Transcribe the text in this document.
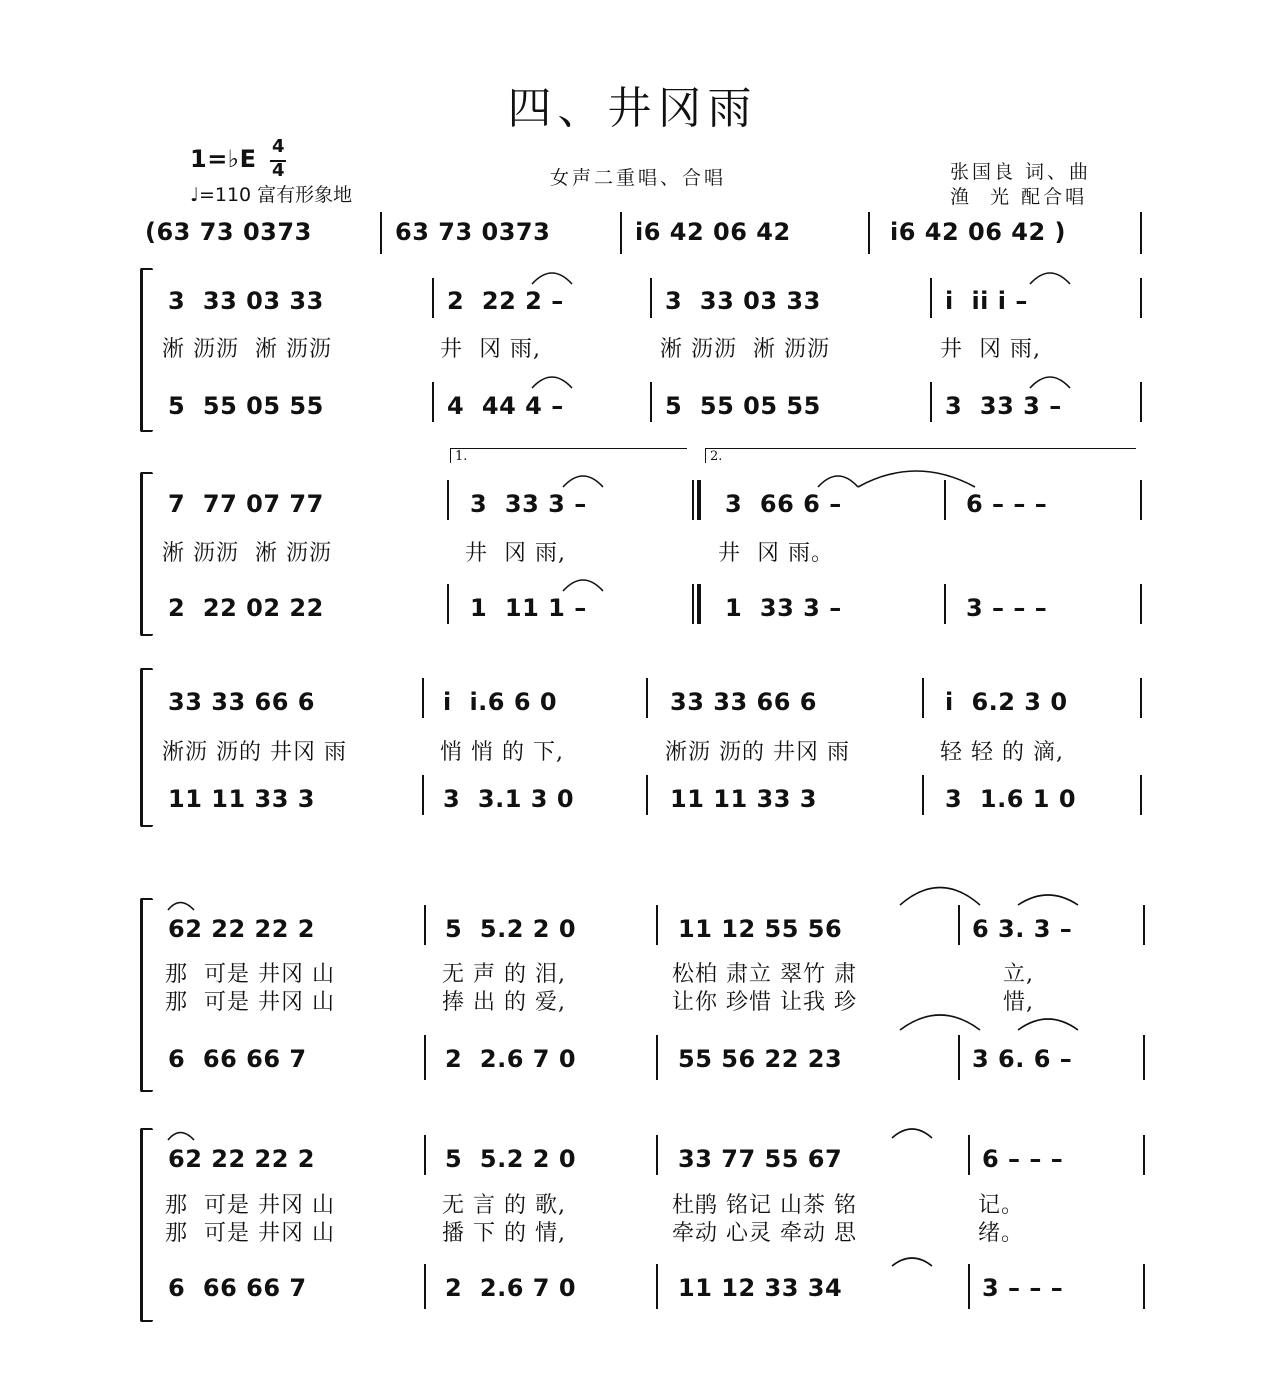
四、井冈雨
1=♭E 4
4
♩=110 富有形象地
女声二重唱、合唱	张国良 词、曲
渔  光 配合唱
(63 73 0373	63 73 0373	i6 42 06 42	i6 42 06 42 )
3  33 03 33	2  22 2 –	3  33 03 33	i  ii i –
淅 沥沥  淅 沥沥	井  冈 雨,	淅 沥沥  淅 沥沥	井  冈 雨,
5  55 05 55	4  44 4 –	5  55 05 55	3  33 3 –
1.	2.
7  77 07 77	3  33 3 –	3  66 6 –	6 – – –
淅 沥沥  淅 沥沥	井  冈 雨,	井  冈 雨。
2  22 02 22	1  11 1 –	1  33 3 –	3 – – –
33 33 66 6	i  i.6 6 0	33 33 66 6	i  6.2 3 0
淅沥 沥的 井冈 雨	悄 悄 的 下,	淅沥 沥的 井冈 雨	轻 轻 的 滴,
11 11 33 3	3  3.1 3 0	11 11 33 3	3  1.6 1 0
62 22 22 2	5  5.2 2 0	11 12 55 56	6 3. 3 –
那  可是 井冈 山	无 声 的 泪,	松柏 肃立 翠竹 肃	立,
那  可是 井冈 山	捧 出 的 爱,	让你 珍惜 让我 珍	惜,
6  66 66 7	2  2.6 7 0	55 56 22 23	3 6. 6 –
62 22 22 2	5  5.2 2 0	33 77 55 67	6 – – –
那  可是 井冈 山	无 言 的 歌,	杜鹃 铭记 山茶 铭	记。
那  可是 井冈 山	播 下 的 情,	牵动 心灵 牵动 思	绪。
6  66 66 7	2  2.6 7 0	11 12 33 34	3 – – –
